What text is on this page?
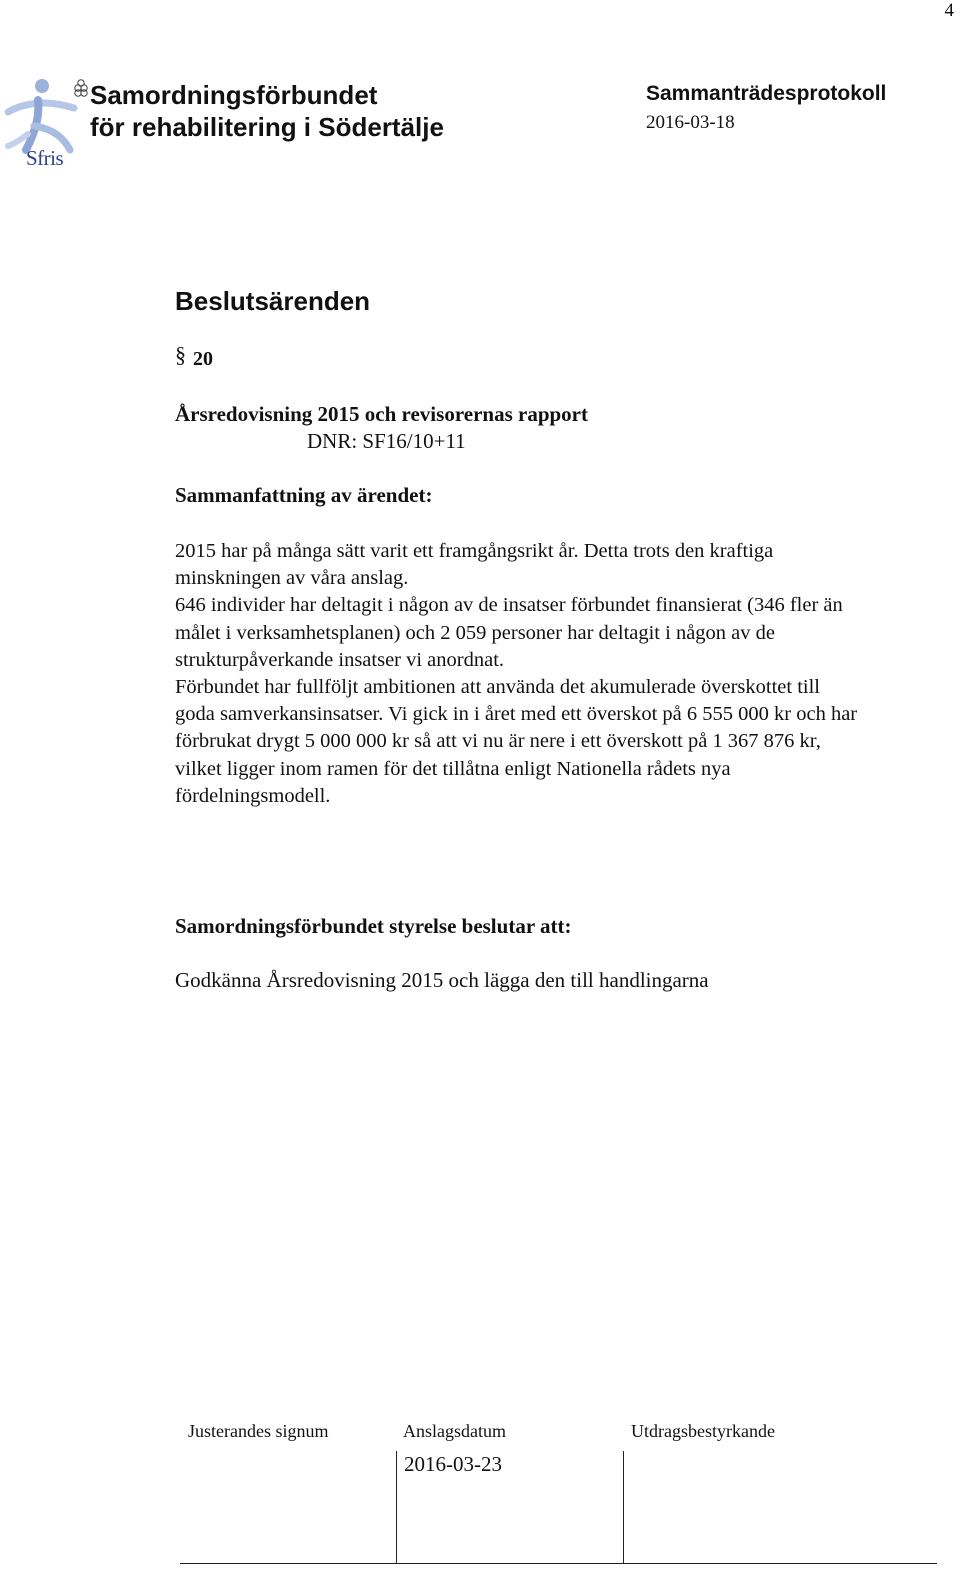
4
Sfris
Samordningsförbundet
för rehabilitering i Södertälje
Sammanträdesprotokoll
2016-03-18
Beslutsärenden
§ 20
Årsredovisning 2015 och revisorernas rapport
DNR: SF16/10+11
Sammanfattning av ärendet:

2015 har på många sätt varit ett framgångsrikt år. Detta trots den kraftiga

minskningen av våra anslag.

646 individer har deltagit i någon av de insatser förbundet finansierat (346 fler än

målet i verksamhetsplanen) och 2 059 personer har deltagit i någon av de

strukturpåverkande insatser vi anordnat.

Förbundet har fullföljt ambitionen att använda det akumulerade överskottet till

goda samverkansinsatser. Vi gick in i året med ett överskot på 6 555 000 kr och har

förbrukat drygt 5 000 000 kr så att vi nu är nere i ett överskott på 1 367 876 kr,

vilket ligger inom ramen för det tillåtna enligt Nationella rådets nya

fördelningsmodell.

Samordningsförbundet styrelse beslutar att:
Godkänna Årsredovisning 2015 och lägga den till handlingarna
Justerandes signum	Anslagsdatum	Utdragsbestyrkande
2016-03-23
